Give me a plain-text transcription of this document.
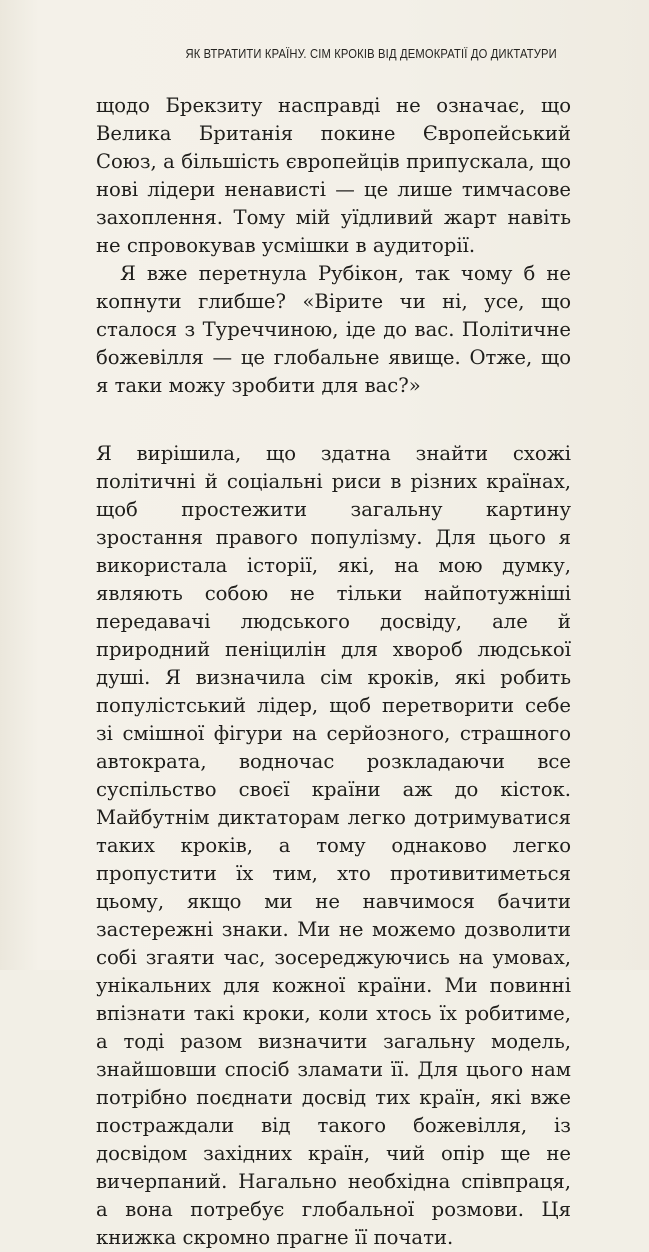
ЯК ВТРАТИТИ КРАЇНУ. СІМ КРОКІВ ВІД ДЕМОКРАТІЇ ДО ДИКТАТУРИ

щодо Брекзиту насправді не означає, що Велика Британія покине Європейський Союз, а більшість європейців припускала, що нові лідери ненависті — це лише тимчасове захоплення. Тому мій уїдливий жарт навіть не спровокував усмішки в аудиторії.

Я вже перетнула Рубікон, так чому б не копнути глибше? «Вірите чи ні, усе, що сталося з Туреччиною, іде до вас. Політичне божевілля — це глобальне явище. Отже, що я таки можу зробити для вас?»

Я вирішила, що здатна знайти схожі політичні й соціальні риси в різних країнах, щоб простежити загальну картину зростання правого популізму. Для цього я використала історії, які, на мою думку, являють собою не тільки найпотужніші передавачі людського досвіду, але й природний пеніцилін для хвороб людської душі. Я визначила сім кроків, які робить популістський лідер, щоб перетворити себе зі смішної фігури на серйозного, страшного автократа, водночас розкладаючи все суспільство своєї країни аж до кісток. Майбутнім диктаторам легко дотримуватися таких кроків, а тому однаково легко пропустити їх тим, хто противитиметься цьому, якщо ми не навчимося бачити застережні знаки. Ми не можемо дозволити собі згаяти час, зосереджуючись на умовах, унікальних для кожної країни. Ми повинні впізнати такі кроки, коли хтось їх робитиме, а тоді разом визначити загальну модель, знайшовши спосіб зламати її. Для цього нам потрібно поєднати досвід тих країн, які вже постраждали від такого божевілля, із досвідом західних країн, чий опір ще не вичерпаний. Нагально необхідна співпраця, а вона потребує глобальної розмови. Ця книжка скромно прагне її почати.
